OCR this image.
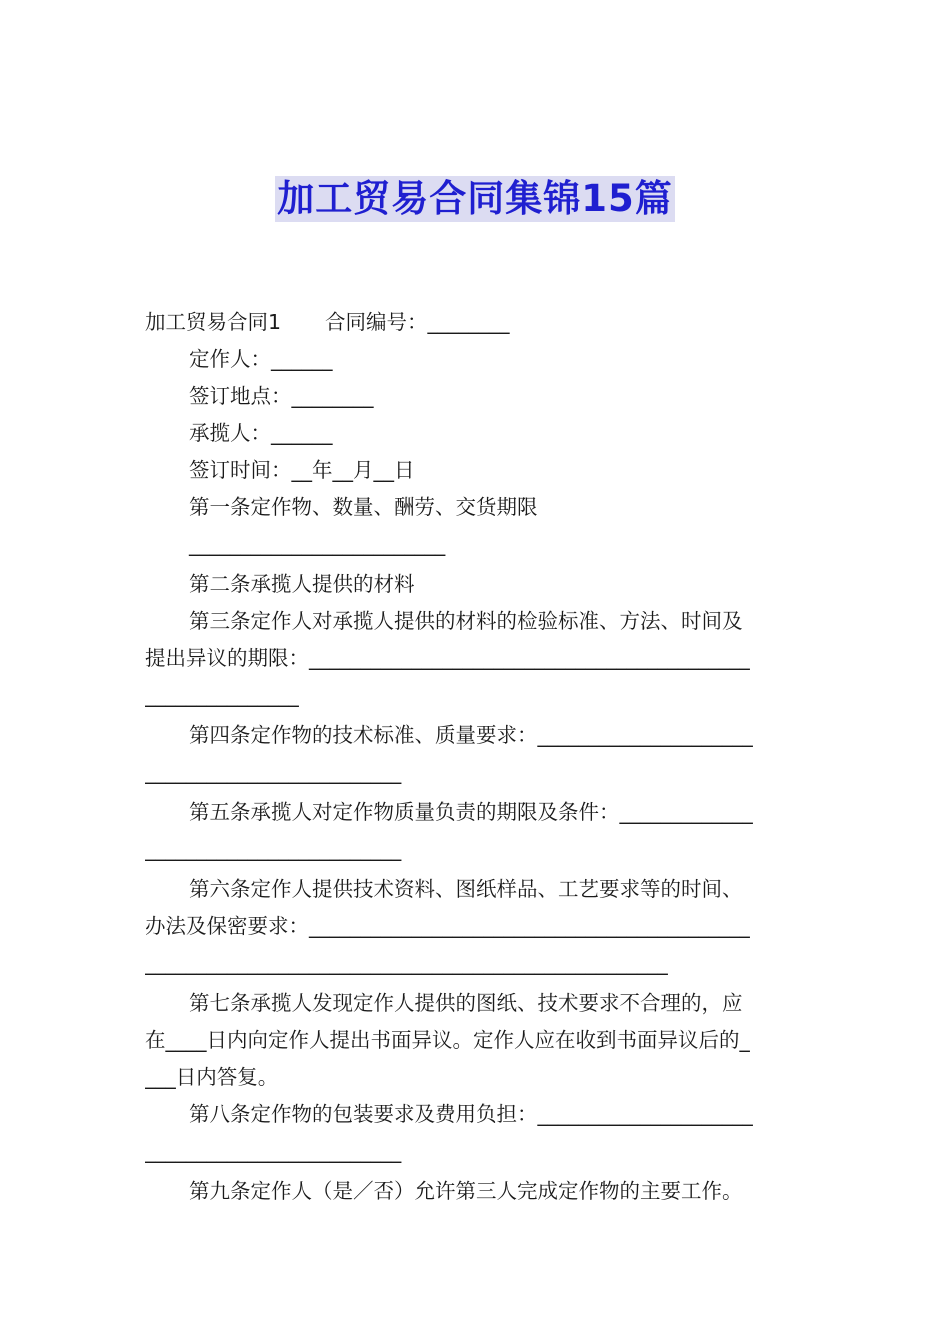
加工贸易合同集锦15篇
加工贸易合同1 合同编号：________
定作人：______
签订地点：________
承揽人：______
签订时间：__年__月__日
第一条定作物、数量、酬劳、交货期限
_________________________
第二条承揽人提供的材料
第三条定作人对承揽人提供的材料的检验标准、方法、时间及
提出异议的期限：___________________________________________
_______________
第四条定作物的技术标准、质量要求：_____________________
_________________________
第五条承揽人对定作物质量负责的期限及条件：_____________
_________________________
第六条定作人提供技术资料、图纸样品、工艺要求等的时间、
办法及保密要求：___________________________________________
___________________________________________________
第七条承揽人发现定作人提供的图纸、技术要求不合理的，应
在____日内向定作人提出书面异议。定作人应在收到书面异议后的_
___日内答复。
第八条定作物的包装要求及费用负担：_____________________
_________________________
第九条定作人（是／否）允许第三人完成定作物的主要工作。
